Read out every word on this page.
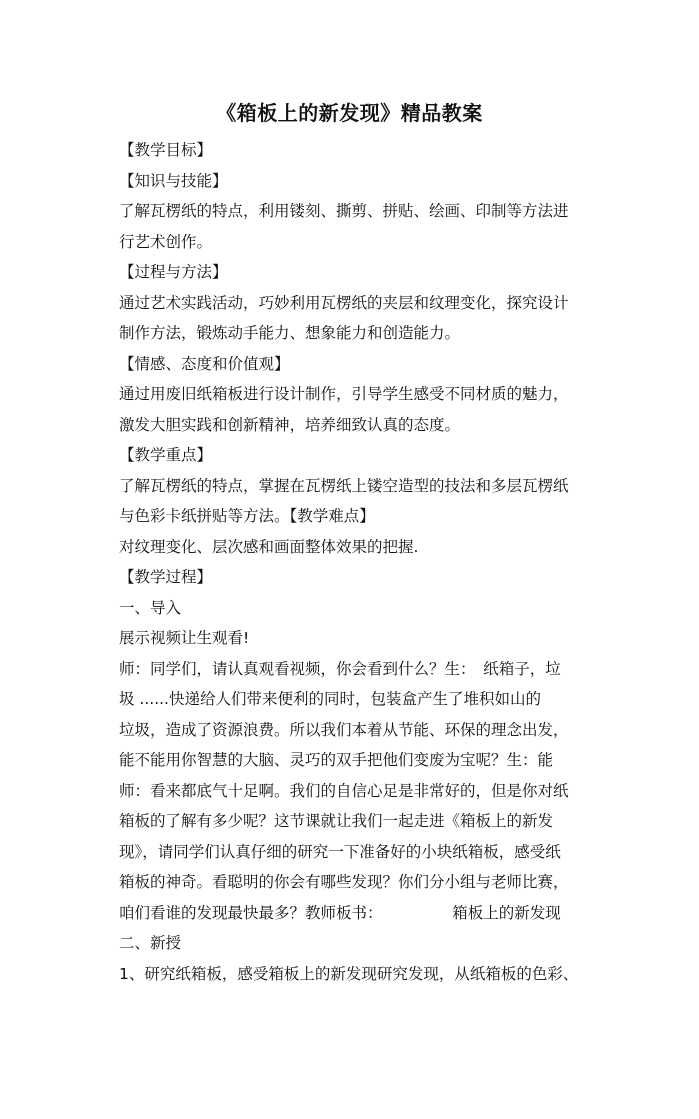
《箱板上的新发现》精品教案

【教学目标】

【知识与技能】

了解瓦楞纸的特点，利用镂刻、撕剪、拼贴、绘画、印制等方法进

行艺术创作。

【过程与方法】

通过艺术实践活动，巧妙利用瓦楞纸的夹层和纹理变化，探究设计

制作方法，锻炼动手能力、想象能力和创造能力。

【情感、态度和价值观】

通过用废旧纸箱板进行设计制作，引导学生感受不同材质的魅力，

激发大胆实践和创新精神，培养细致认真的态度。

【教学重点】

了解瓦楞纸的特点，掌握在瓦楞纸上镂空造型的技法和多层瓦楞纸

与色彩卡纸拼贴等方法。【教学难点】

对纹理变化、层次感和画面整体效果的把握.

【教学过程】

一、导入

展示视频让生观看!

师：同学们，请认真观看视频，你会看到什么？生：　纸箱子，垃

圾 ......快递给人们带来便利的同时，包装盒产生了堆积如山的

垃圾，造成了资源浪费。所以我们本着从节能、环保的理念出发，

能不能用你智慧的大脑、灵巧的双手把他们变废为宝呢？生：能

师：看来都底气十足啊。我们的自信心足是非常好的，但是你对纸

箱板的了解有多少呢？这节课就让我们一起走进《箱板上的新发

现》，请同学们认真仔细的研究一下准备好的小块纸箱板，感受纸

箱板的神奇。看聪明的你会有哪些发现？你们分小组与老师比赛，

咱们看谁的发现最快最多？教师板书：　　　　　箱板上的新发现

二、新授

1、研究纸箱板，感受箱板上的新发现研究发现，从纸箱板的色彩、
